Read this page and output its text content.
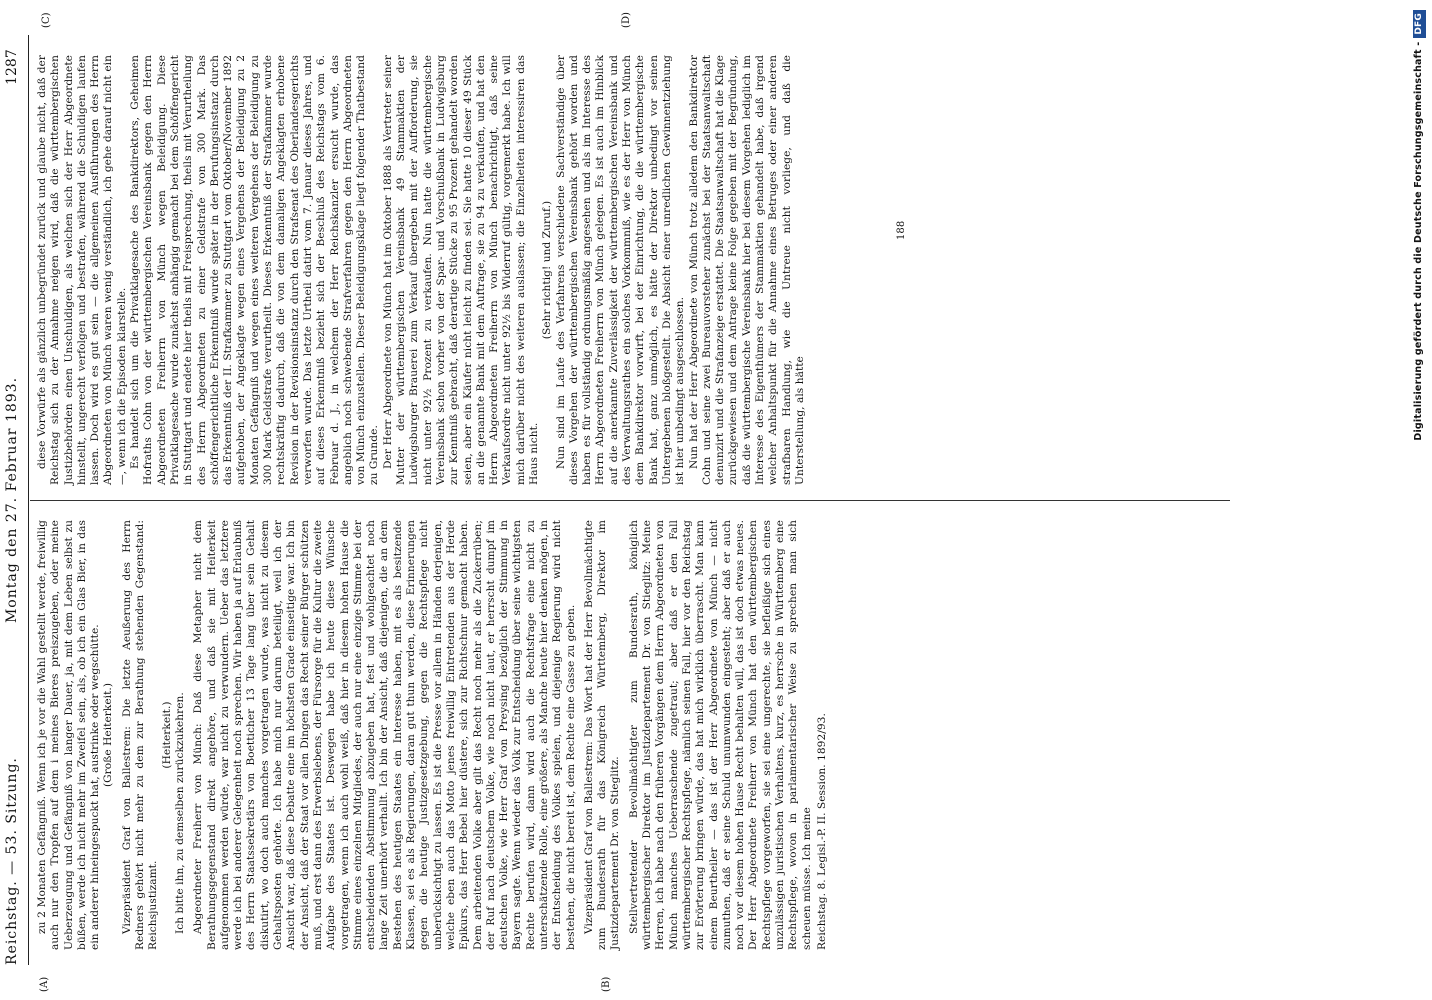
Reichstag. — 53. Sitzung.
Montag den 27. Februar 1893.
1287
(A)	(B)
(C)	(D)

zu 2 Monaten Gefängniß. Wenn ich je vor die Wahl gestellt werde, freiwillig auch nur den Tropfen auf dem i meines Bieres preiszugeben, oder meine Ueberzeugung und Gefängniß von langer Dauer, ja, mit dem Leben selbst zu büßen, werde ich nicht mehr im Zweifel sein, als, ob ich ein Glas Bier, in das ein anderer hineingespuckt hat, austrinke oder wegschütte. (Große Heiterkeit.) Vizepräsident Graf von Ballestrem: Die letzte Aeußerung des Herrn Redners gehört nicht mehr zu dem zur Berathung stehenden Gegenstand: Reichsjustizamt.

(Heiterkeit.) Ich bitte ihn, zu demselben zurückzukehren. Abgeordneter Freiherr von Münch: Daß diese Metapher nicht dem Berathungsgegenstand direkt angehöre, und daß sie mit Heiterkeit aufgenommen werden würde, war nicht zu verwundern. Ueber das letztere werde ich bei anderer Gelegenheit noch sprechen. Wir haben ja auf Erlaubniß des Herrn Staatssekretärs von Boetticher 13 Tage lang über sein Gehalt diskutirt, wo doch auch manches vorgetragen wurde, was nicht zu diesem Gehaltsposten gehörte. Ich habe mich nur darum beteiligt, weil ich der Ansicht war, daß diese Debatte eine im höchsten Grade einseitige war. Ich bin der Ansicht, daß der Staat vor allen Dingen das Recht seiner Bürger schützen muß, und erst dann des Erwerbslebens, der Fürsorge für die Kultur die zweite Aufgabe des Staates ist. Deswegen habe ich heute diese Wünsche vorgetragen, wenn ich auch wohl weiß, daß hier in diesem hohen Hause die Stimme eines einzelnen Mitgliedes, der auch nur eine einzige Stimme bei der entscheidenden Abstimmung abzugeben hat, fest und wohlgeachtet noch lange Zeit unerhört verhallt. Ich bin der Ansicht, daß diejenigen, die an dem Bestehen des heutigen Staates ein Interesse haben, mit es als besitzende Klassen, sei es als Regierungen, daran gut thun werden, diese Erinnerungen gegen die heutige Justizgesetzgebung, gegen die Rechtspflege nicht unberücksichtigt zu lassen. Es ist die Presse vor allem in Händen derjenigen, welche eben auch das Motto jenes freiwillig Eintretenden aus der Herde Epikurs, das Herr Bebel hier düstere, sich zur Richtschnur gemacht haben. Dem arbeitenden Volke aber gilt das Recht noch mehr als die Zuckerrüben; der Ruf nach deutschem Volke, wie noch nicht laut, er herrscht dumpf im deutschen Volke, wie Herr Graf von Preysing bezüglich der Stimmung in Bayern sagte. Wenn wieder das Volk zur Entscheidung über seine wichtigsten Rechte berufen wird, dann wird auch die Rechtsfrage eine nicht zu unterschätzende Rolle, eine größere, als Manche heute hier denken mögen, in der Entscheidung des Volkes spielen, und diejenige Regierung wird nicht bestehen, die nicht bereit ist, dem Rechte eine Gasse zu geben. Vizepräsident Graf von Ballestrem: Das Wort hat der Herr Bevollmächtigte zum Bundesrath für das Königreich Württemberg, Direktor im Justizdepartement Dr. von Stieglitz. Stellvertretender Bevollmächtigter zum Bundesrath, königlich württembergischer Direktor im Justizdepartement Dr. von Stieglitz: Meine Herren, ich habe nach den früheren Vorgängen dem Herrn Abgeordneten von Münch manches Ueberraschende zugetraut; aber daß er den Fall württembergischer Rechtspflege, nämlich seinen Fall, hier vor den Reichstag zur Erörterung bringen würde, das hat mich wirklich überrascht. Man kann einem Beurtheiler — das ist der Herr Abgeordnete von Münch — nicht zumuthen, daß er seine Schuld unumwunden eingesteht; aber daß er auch noch vor diesem hohen Hause Recht behalten will, das ist doch etwas neues. Der Herr Abgeordnete Freiherr von Münch hat den württembergischen Rechtspflege vorgeworfen, sie sei eine ungerechte, sie befleißige sich eines unzulässigen juristischen Verhaltens, kurz, es herrsche in Württemberg eine Rechtspflege, wovon in parlamentarischer Weise zu sprechen man sich scheuen müsse. Ich meine Reichstag. 8. Legisl.-P. II. Session. 1892/93.

diese Vorwürfe als gänzlich unbegründet zurück und glaube nicht, daß der Reichstag sich zu der Annahme neigen wird, daß die württembergischen Justizbehörden einen Unschuldigen, als welchen sich der Herr Abgeordnete hinstellt, ungerecht verfolgen und bestrafen, während die Schuldigen laufen lassen. Doch wird es gut sein — die allgemeinen Ausführungen des Herrn Abgeordneten von Münch waren wenig verständlich, ich gehe darauf nicht ein —, wenn ich die Episoden klarstelle. Es handelt sich um die Privatklagesache des Bankdirektors, Geheimen Hofraths Cohn von der württembergischen Vereinsbank gegen den Herrn Abgeordneten Freiherrn von Münch wegen Beleidigung. Diese Privatklagesache wurde zunächst anhängig gemacht bei dem Schöffengericht in Stuttgart und endete hier theils mit Freisprechung, theils mit Verurtheilung des Herrn Abgeordneten zu einer Geldstrafe von 300 Mark. Das schöffengerichtliche Erkenntniß wurde später in der Berufungsinstanz durch das Erkenntniß der II. Strafkammer zu Stuttgart vom Oktober/November 1892 aufgehoben, der Angeklagte wegen eines Vergehens der Beleidigung zu 2 Monaten Gefängniß und wegen eines weiteren Vergehens der Beleidigung zu 300 Mark Geldstrafe verurtheilt. Dieses Erkenntniß der Strafkammer wurde rechtskräftig dadurch, daß die von dem damaligen Angeklagten erhobene Revision in der Revisionsinstanz durch den Strafsenat des Oberlandesgerichts verworfen wurde. Das letzte Urtheil datirt vom 7. Januar dieses Jahres, und auf dieses Erkenntniß bezieht sich der Beschluß des Reichstags vom 6. Februar d. J., in welchem der Herr Reichskanzler ersucht wurde, das angeblich noch schwebende Strafverfahren gegen den Herrn Abgeordneten von Münch einzustellen. Dieser Beleidigungsklage liegt folgender Thatbestand zu Grunde. Der Herr Abgeordnete von Münch hat im Oktober 1888 als Vertreter seiner Mutter der württembergischen Vereinsbank 49 Stammaktien der Ludwigsburger Brauerei zum Verkauf übergeben mit der Aufforderung, sie nicht unter 92½ Prozent zu verkaufen. Nun hatte die württembergische Vereinsbank schon vorher von der Spar- und Vorschußbank in Ludwigsburg zur Kenntniß gebracht, daß derartige Stücke zu 95 Prozent gehandelt worden seien, aber ein Käufer nicht leicht zu finden sei. Sie hatte 10 dieser 49 Stück an die genannte Bank mit dem Auftrage, sie zu 94 zu verkaufen, und hat den Herrn Abgeordneten Freiherrn von Münch benachrichtigt, daß seine Verkaufsordre nicht unter 92½ bis Widerruf gültig, vorgemerkt habe. Ich will mich darüber nicht des weiteren auslassen; die Einzelheiten interessiren das Haus nicht.

(Sehr richtig! und Zuruf.) Nun sind im Laufe des Verfahrens verschiedene Sachverständige über dieses Vorgehen der württembergischen Vereinsbank gehört worden und haben es für vollständig ordnungsmäßig angesehen und als im Interesse des Herrn Abgeordneten Freiherrn von Münch gelegen. Es ist auch im Hinblick auf die anerkannte Zuverlässigkeit der württembergischen Vereinsbank und des Verwaltungsrathes ein solches Vorkommniß, wie es der Herr von Münch dem Bankdirektor vorwirft, bei der Einrichtung, die die württembergische Bank hat, ganz unmöglich, es hätte der Direktor unbedingt vor seinen Untergebenen bloßgestellt. Die Absicht einer unredlichen Gewinnentziehung ist hier unbedingt ausgeschlossen. Nun hat der Herr Abgeordnete von Münch trotz alledem den Bankdirektor Cohn und seine zwei Bureauvorsteher zunächst bei der Staatsanwaltschaft denunzirt und die Strafanzeige erstattet. Die Staatsanwaltschaft hat die Klage zurückgewiesen und dem Antrage keine Folge gegeben mit der Begründung, daß die württembergische Vereinsbank hier bei diesem Vorgehen lediglich im Interesse des Eigenthümers der Stammaktien gehandelt habe, daß irgend welcher Anhaltspunkt für die Annahme eines Betruges oder einer anderen strafbaren Handlung, wie die Untreue nicht vorliege, und daß die Unterstellung, als hätte

188	Digitalisierung gefördert durch die Deutsche Forschungsgemeinschaft -DFG
